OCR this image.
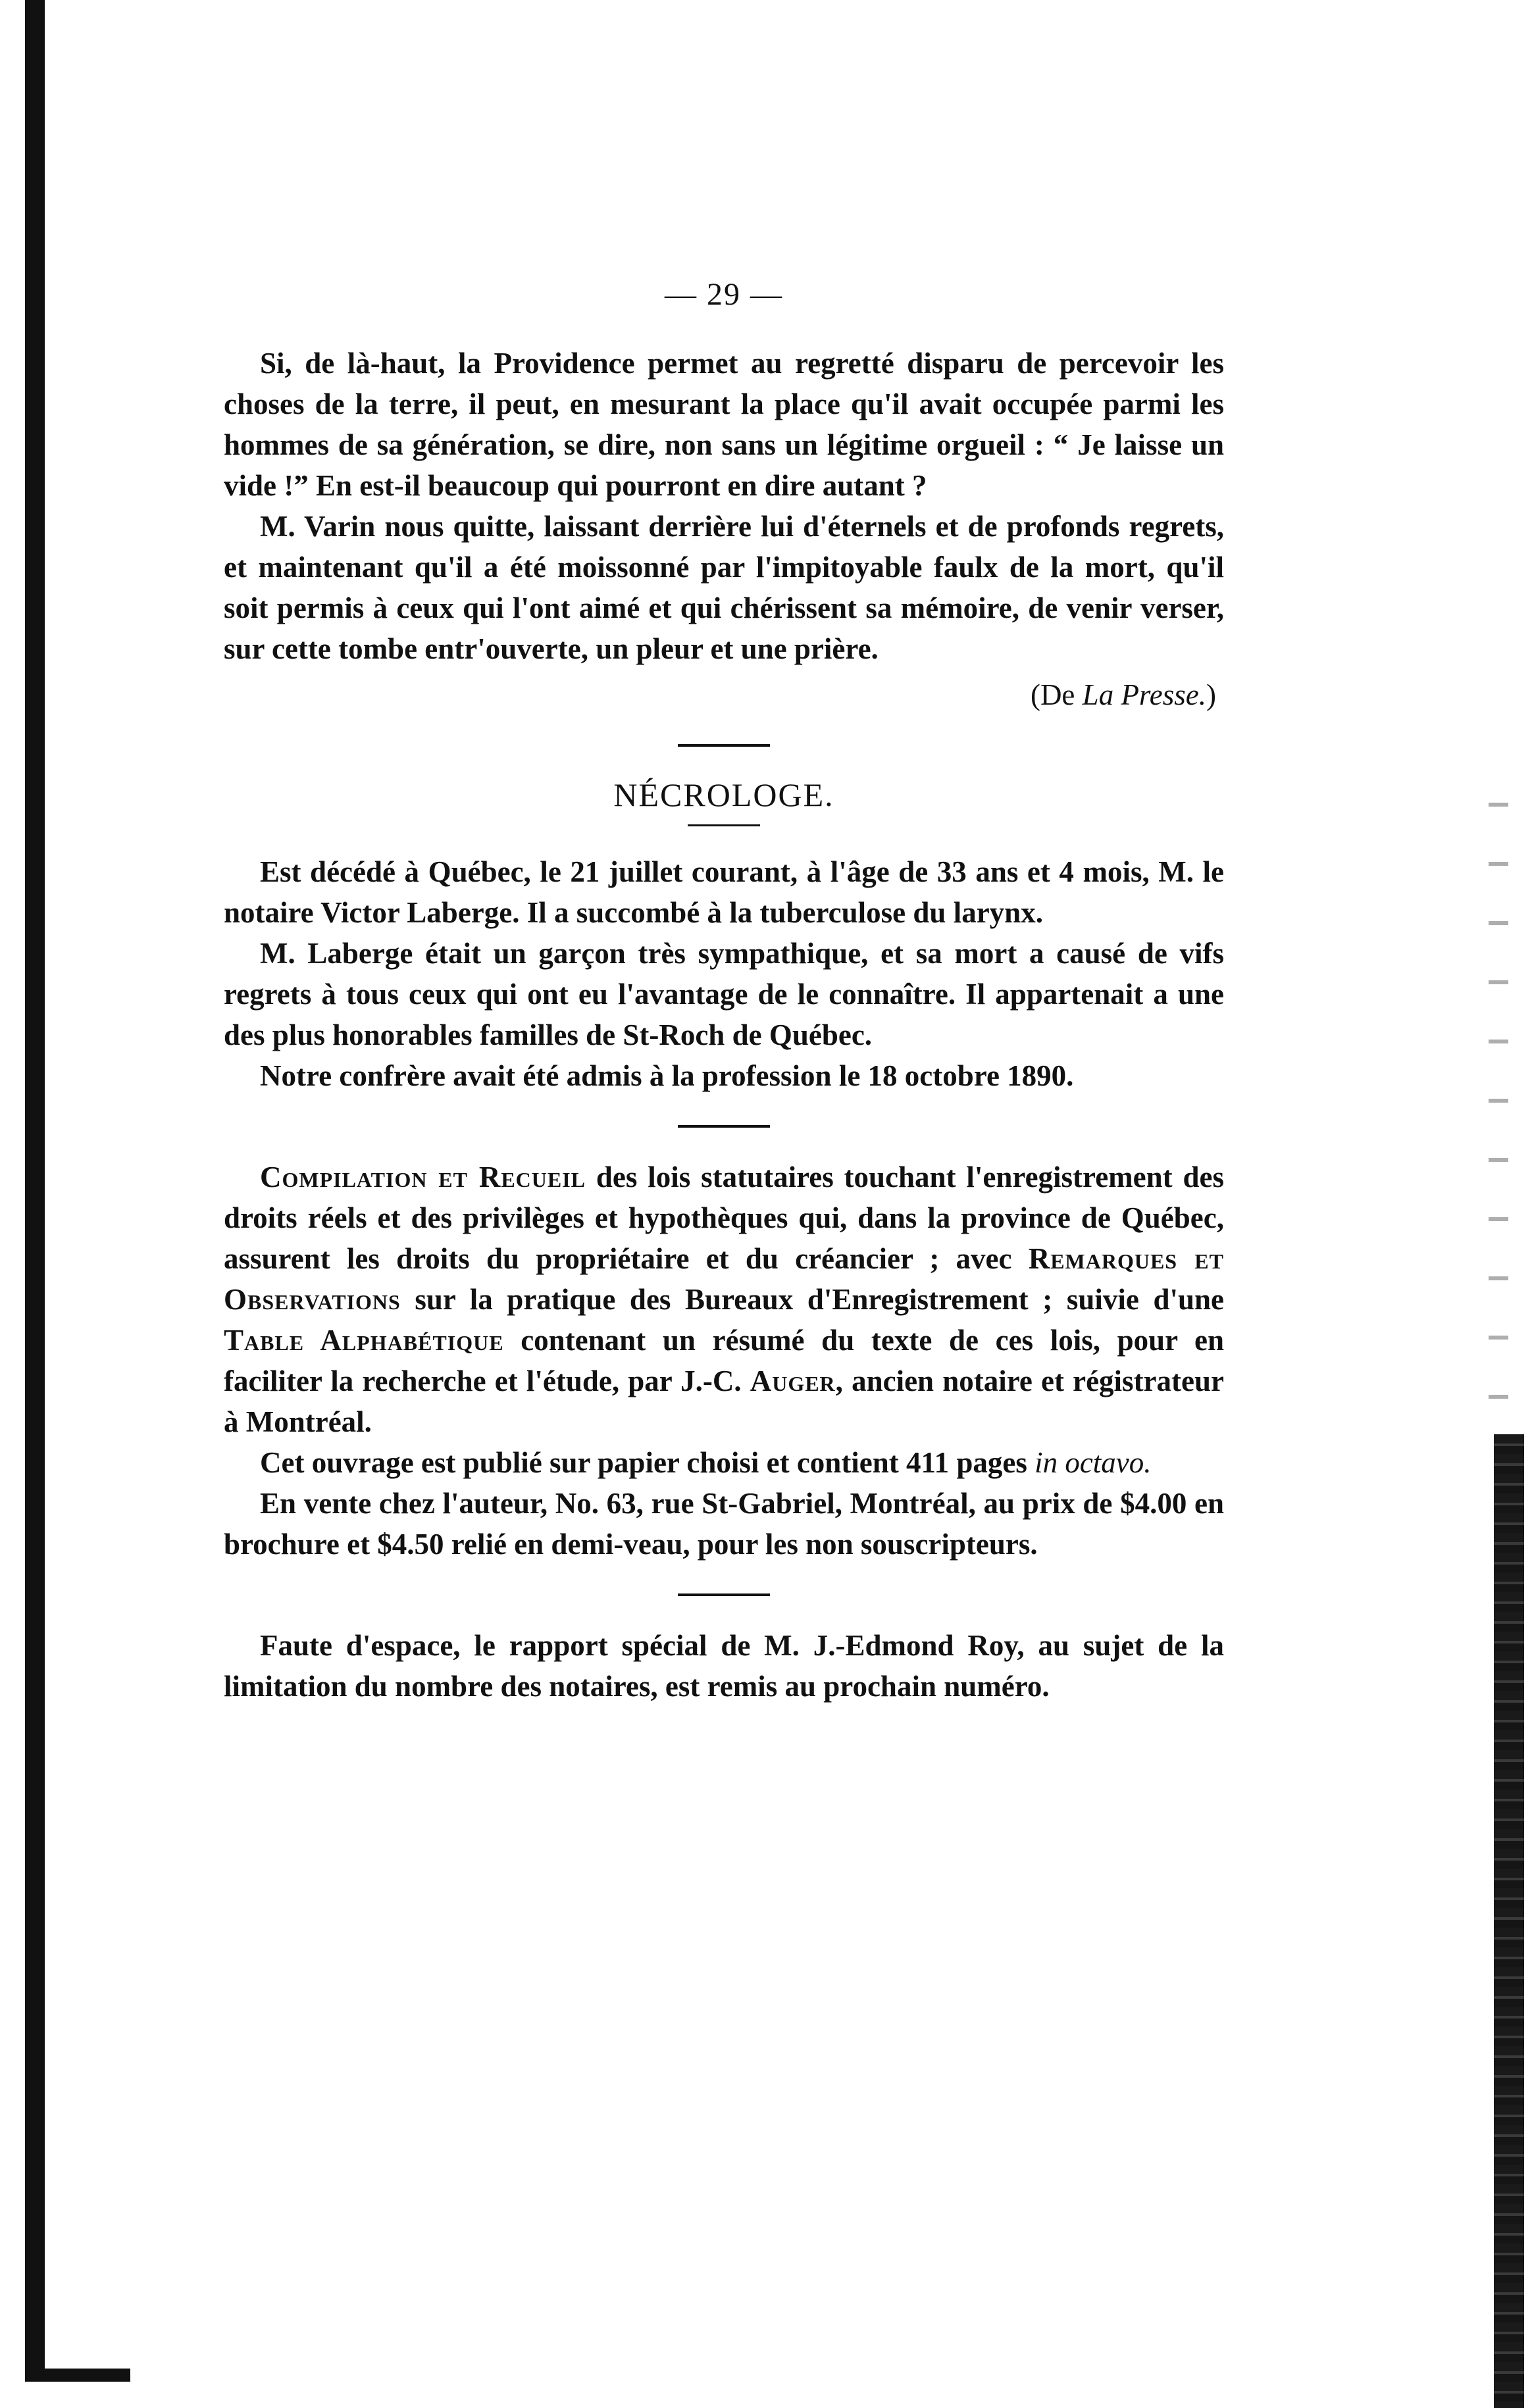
— 29 —

Si, de là-haut, la Providence permet au regretté disparu de percevoir les choses de la terre, il peut, en mesurant la place qu'il avait occupée parmi les hommes de sa génération, se dire, non sans un légitime orgueil : “ Je laisse un vide !” En est-il beaucoup qui pourront en dire autant ?

M. Varin nous quitte, laissant derrière lui d'éternels et de profonds regrets, et maintenant qu'il a été moissonné par l'impitoyable faulx de la mort, qu'il soit permis à ceux qui l'ont aimé et qui chérissent sa mémoire, de venir verser, sur cette tombe entr'ouverte, un pleur et une prière.

(De La Presse.)
NÉCROLOGE.

Est décédé à Québec, le 21 juillet courant, à l'âge de 33 ans et 4 mois, M. le notaire Victor Laberge. Il a succombé à la tuberculose du larynx.

M. Laberge était un garçon très sympathique, et sa mort a causé de vifs regrets à tous ceux qui ont eu l'avantage de le connaître. Il appartenait a une des plus honorables familles de St-Roch de Québec.

Notre confrère avait été admis à la profession le 18 octobre 1890.

Compilation et Recueil des lois statutaires touchant l'enregistrement des droits réels et des privilèges et hypothèques qui, dans la province de Québec, assurent les droits du propriétaire et du créancier ; avec Remarques et Observations sur la pratique des Bureaux d'Enregistrement ; suivie d'une Table Alphabétique contenant un résumé du texte de ces lois, pour en faciliter la recherche et l'étude, par J.-C. Auger, ancien notaire et régistrateur à Montréal.

Cet ouvrage est publié sur papier choisi et contient 411 pages in octavo.

En vente chez l'auteur, No. 63, rue St-Gabriel, Montréal, au prix de $4.00 en brochure et $4.50 relié en demi-veau, pour les non souscripteurs.

Faute d'espace, le rapport spécial de M. J.-Edmond Roy, au sujet de la limitation du nombre des notaires, est remis au prochain numéro.
